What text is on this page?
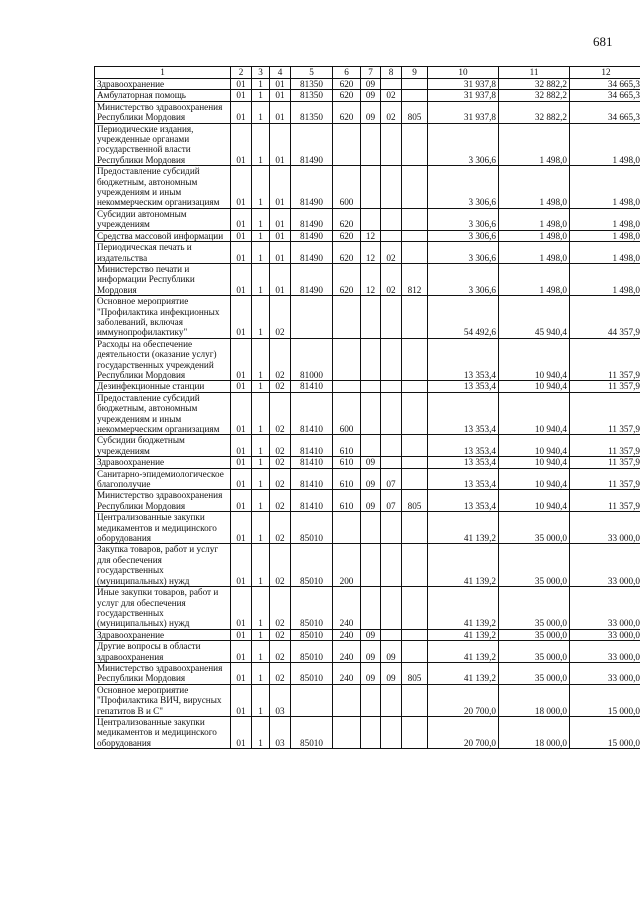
681
1	2	3	4	5	6	7	8	9	10	11	12
Здравоохранение	01	1	01	81350	620	09			31 937,8	32 882,2	34 665,3
Амбулаторная помощь	01	1	01	81350	620	09	02		31 937,8	32 882,2	34 665,3
Министерство здравоохранения Республики Мордовия	01	1	01	81350	620	09	02	805	31 937,8	32 882,2	34 665,3
Периодические издания, учрежденные органами государственной власти Республики Мордовия	01	1	01	81490					3 306,6	1 498,0	1 498,0
Предоставление субсидий бюджетным, автономным учреждениям и иным некоммерческим организациям	01	1	01	81490	600				3 306,6	1 498,0	1 498,0
Субсидии автономным учреждениям	01	1	01	81490	620				3 306,6	1 498,0	1 498,0
Средства массовой информации	01	1	01	81490	620	12			3 306,6	1 498,0	1 498,0
Периодическая печать и издательства	01	1	01	81490	620	12	02		3 306,6	1 498,0	1 498,0
Министерство печати и информации Республики Мордовия	01	1	01	81490	620	12	02	812	3 306,6	1 498,0	1 498,0
Основное мероприятие "Профилактика инфекционных заболеваний, включая иммунопрофилактику"	01	1	02						54 492,6	45 940,4	44 357,9
Расходы на обеспечение деятельности (оказание услуг) государственных учреждений Республики Мордовия	01	1	02	81000					13 353,4	10 940,4	11 357,9
Дезинфекционные станции	01	1	02	81410					13 353,4	10 940,4	11 357,9
Предоставление субсидий бюджетным, автономным учреждениям и иным некоммерческим организациям	01	1	02	81410	600				13 353,4	10 940,4	11 357,9
Субсидии бюджетным учреждениям	01	1	02	81410	610				13 353,4	10 940,4	11 357,9
Здравоохранение	01	1	02	81410	610	09			13 353,4	10 940,4	11 357,9
Санитарно-эпидемиологическое благополучие	01	1	02	81410	610	09	07		13 353,4	10 940,4	11 357,9
Министерство здравоохранения Республики Мордовия	01	1	02	81410	610	09	07	805	13 353,4	10 940,4	11 357,9
Централизованные закупки медикаментов и медицинского оборудования	01	1	02	85010					41 139,2	35 000,0	33 000,0
Закупка товаров, работ и услуг для обеспечения государственных (муниципальных) нужд	01	1	02	85010	200				41 139,2	35 000,0	33 000,0
Иные закупки товаров, работ и услуг для обеспечения государственных (муниципальных) нужд	01	1	02	85010	240				41 139,2	35 000,0	33 000,0
Здравоохранение	01	1	02	85010	240	09			41 139,2	35 000,0	33 000,0
Другие вопросы в области здравоохранения	01	1	02	85010	240	09	09		41 139,2	35 000,0	33 000,0
Министерство здравоохранения Республики Мордовия	01	1	02	85010	240	09	09	805	41 139,2	35 000,0	33 000,0
Основное мероприятие "Профилактика ВИЧ, вирусных гепатитов В и С"	01	1	03						20 700,0	18 000,0	15 000,0
Централизованные закупки медикаментов и медицинского оборудования	01	1	03	85010					20 700,0	18 000,0	15 000,0
